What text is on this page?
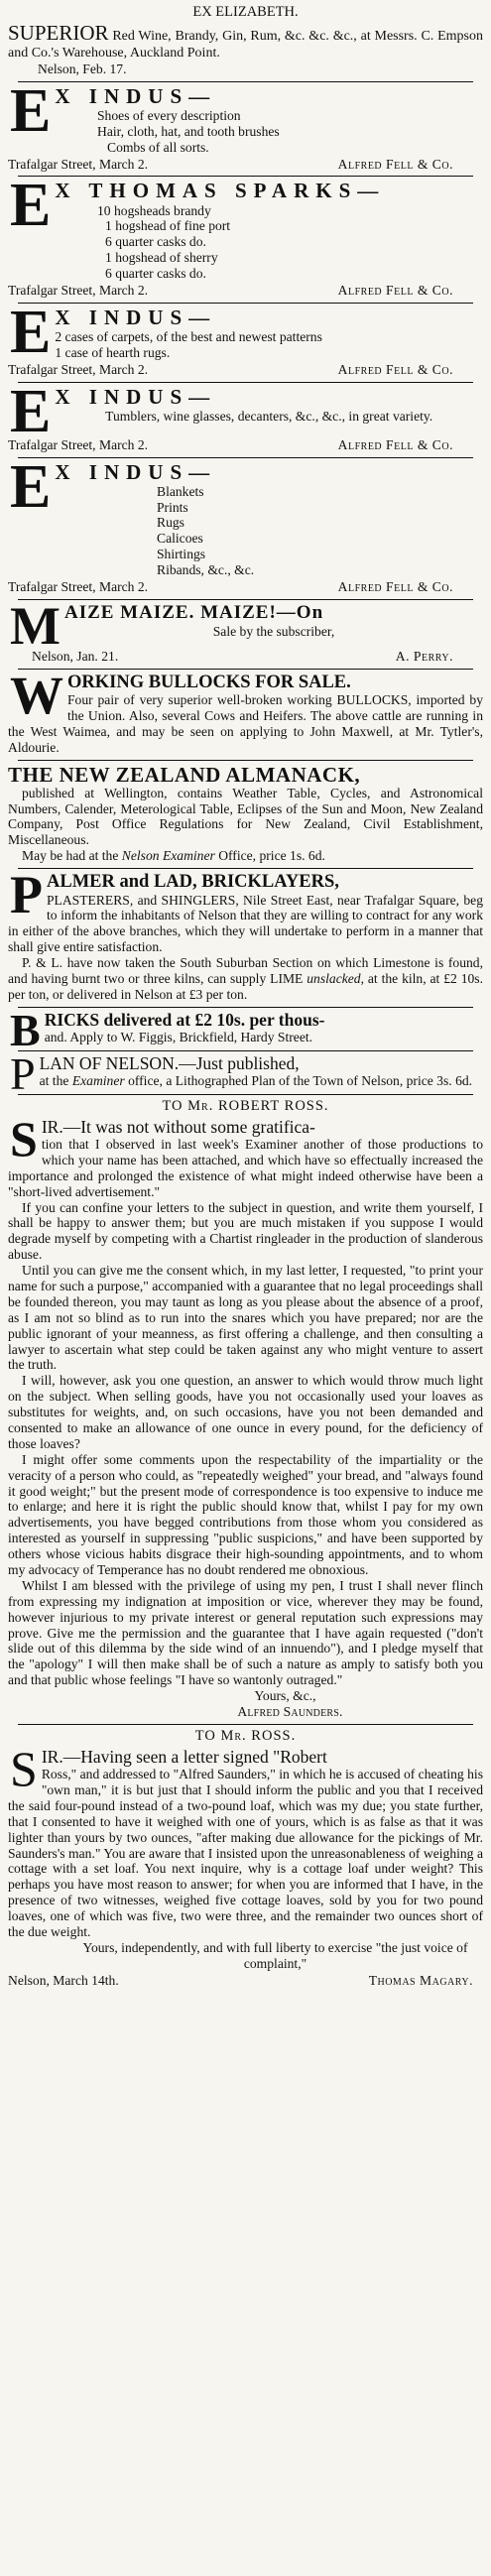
EX ELIZABETH.
SUPERIOR Red Wine, Brandy, Gin, Rum, &c. &c. &c., at Messrs. C. Empson and Co.'s Warehouse, Auckland Point.
Nelson, Feb. 17.
E X INDUS—
Shoes of every description
Hair, cloth, hat, and tooth brushes
Combs of all sorts.
Trafalgar Street, March 2.	Alfred Fell & Co.
E X THOMAS SPARKS—
10 hogsheads brandy
1 hogshead of fine port
6 quarter casks do.
1 hogshead of sherry
6 quarter casks do.
Trafalgar Street, March 2.	Alfred Fell & Co.
E X INDUS—
2 cases of carpets, of the best and newest patterns
1 case of hearth rugs.
Trafalgar Street, March 2.	Alfred Fell & Co.
E X INDUS—
Tumblers, wine glasses, decanters, &c., &c., in great variety.
Trafalgar Street, March 2.	Alfred Fell & Co.
E X INDUS—
Blankets
Prints
Rugs
Calicoes
Shirtings
Ribands, &c., &c.
Trafalgar Street, March 2.	Alfred Fell & Co.
M AIZE MAIZE. MAIZE!—On
Sale by the subscriber,
Nelson, Jan. 21.	A. Perry.
W ORKING BULLOCKS FOR SALE.
Four pair of very superior well-broken working BULLOCKS, imported by the Union. Also, several Cows and Heifers. The above cattle are running in the West Waimea, and may be seen on applying to John Maxwell, at Mr. Tytler's, Aldourie.
THE NEW ZEALAND ALMANACK,
published at Wellington, contains Weather Table, Cycles, and Astronomical Numbers, Calender, Meterological Table, Eclipses of the Sun and Moon, New Zealand Company, Post Office Regulations for New Zealand, Civil Establishment, Miscellaneous.
May be had at the Nelson Examiner Office, price 1s. 6d.
P ALMER and LAD, BRICKLAYERS,
PLASTERERS, and SHINGLERS, Nile Street East, near Trafalgar Square, beg to inform the inhabitants of Nelson that they are willing to contract for any work in either of the above branches, which they will undertake to perform in a manner that shall give entire satisfaction.
P. & L. have now taken the South Suburban Section on which Limestone is found, and having burnt two or three kilns, can supply LIME unslacked, at the kiln, at £2 10s. per ton, or delivered in Nelson at £3 per ton.
B RICKS delivered at £2 10s. per thous-
and. Apply to W. Figgis, Brickfield, Hardy Street.
P LAN OF NELSON.—Just published,
at the Examiner office, a Lithographed Plan of the Town of Nelson, price 3s. 6d.
TO Mr. ROBERT ROSS.
S IR.—It was not without some gratifica-

tion that I observed in last week's Examiner another of those productions to which your name has been attached, and which have so effectually increased the importance and prolonged the existence of what might indeed otherwise have been a "short-lived advertisement."

If you can confine your letters to the subject in question, and write them yourself, I shall be happy to answer them; but you are much mistaken if you suppose I would degrade myself by competing with a Chartist ringleader in the production of slanderous abuse.

Until you can give me the consent which, in my last letter, I requested, "to print your name for such a purpose," accompanied with a guarantee that no legal proceedings shall be founded thereon, you may taunt as long as you please about the absence of a proof, as I am not so blind as to run into the snares which you have prepared; nor are the public ignorant of your meanness, as first offering a challenge, and then consulting a lawyer to ascertain what step could be taken against any who might venture to assert the truth.

I will, however, ask you one question, an answer to which would throw much light on the subject. When selling goods, have you not occasionally used your loaves as substitutes for weights, and, on such occasions, have you not been demanded and consented to make an allowance of one ounce in every pound, for the deficiency of those loaves?

I might offer some comments upon the respectability of the impartiality or the veracity of a person who could, as "repeatedly weighed" your bread, and "always found it good weight;" but the present mode of correspondence is too expensive to induce me to enlarge; and here it is right the public should know that, whilst I pay for my own advertisements, you have begged contributions from those whom you considered as interested as yourself in suppressing "public suspicions," and have been supported by others whose vicious habits disgrace their high-sounding appointments, and to whom my advocacy of Temperance has no doubt rendered me obnoxious.

Whilst I am blessed with the privilege of using my pen, I trust I shall never flinch from expressing my indignation at imposition or vice, wherever they may be found, however injurious to my private interest or general reputation such expressions may prove. Give me the permission and the guarantee that I have again requested ("don't slide out of this dilemma by the side wind of an innuendo"), and I pledge myself that the "apology" I will then make shall be of such a nature as amply to satisfy both you and that public whose feelings "I have so wantonly outraged."

Yours, &c.,
Alfred Saunders.
TO Mr. ROSS.
S IR.—Having seen a letter signed "Robert

Ross," and addressed to "Alfred Saunders," in which he is accused of cheating his "own man," it is but just that I should inform the public and you that I received the said four-pound instead of a two-pound loaf, which was my due; you state further, that I consented to have it weighed with one of yours, which is as false as that it was lighter than yours by two ounces, "after making due allowance for the pickings of Mr. Saunders's man." You are aware that I insisted upon the unreasonableness of weighing a cottage with a set loaf. You next inquire, why is a cottage loaf under weight? This perhaps you have most reason to answer; for when you are informed that I have, in the presence of two witnesses, weighed five cottage loaves, sold by you for two pound loaves, one of which was five, two were three, and the remainder two ounces short of the due weight.

Yours, independently, and with full liberty to exercise "the just voice of complaint,"
Nelson, March 14th.	Thomas Magary.
